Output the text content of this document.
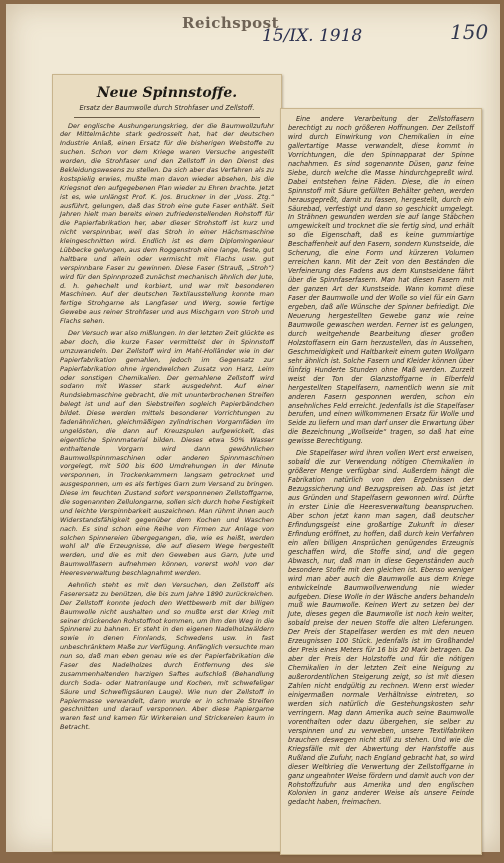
Reichspost
15/IX. 1918	150
Neue Spinnstoffe.
Ersatz der Baumwolle durch Strohfaser und Zellstoff.

Der englische Aushungerungskrieg, der die Baumwollzufuhr der Mittelmächte stark gedrosselt hat, hat der deutschen Industrie Anlaß, einen Ersatz für die bisherigen Webstoffe zu suchen. Schon vor dem Kriege waren Versuche angestellt worden, die Strohfaser und den Zellstoff in den Dienst des Bekleidungswesens zu stellen. Da sich aber das Verfahren als zu kostspielig erwies, mußte man davon wieder absehen, bis die Kriegsnot den aufgegebenen Plan wieder zu Ehren brachte. Jetzt ist es, wie unlängst Prof. K. Jos. Bruckner in der „Voss. Ztg.“ ausführt, gelungen, daß das Stroh eine gute Faser enthält. Seit Jahren hielt man bereits einen zufriedenstellenden Rohstoff für die Papierfabrikation her, aber dieser Strohstoff ist kurz und nicht verspinnbar, weil das Stroh in einer Hächsmaschine kleingeschnitten wird. Endlich ist es dem Diplomingenieur Lübbecke gelungen, aus dem Roggenstroh eine lange, feste, gut haltbare und allein oder vermischt mit Flachs usw. gut verspinnbare Faser zu gewinnen. Diese Faser (Strauß, „Stroh“) wird für den Spinnprozeß zunächst mechanisch ähnlich der Jute, d. h. gehechelt und korbiert, und war mit besonderen Maschinen. Auf der deutschen Textilausstellung konnte man fertige Strohgarne als Langfaser und Werg, sowie fertige Gewebe aus reiner Strohfaser und aus Mischgarn von Stroh und Flachs sehen.

Der Versuch war also mißlungen. In der letzten Zeit glückte es aber doch, die kurze Faser vermittelst der in Spinnstoff umzuwandeln. Der Zellstoff wird im Mahl-Holländer wie in der Papierfabrikation gemahlen, jedoch im Gegensatz zur Papierfabrikation ohne irgendwelchen Zusatz von Harz, Leim oder sonstigen Chemikalien. Der gemahlene Zellstoff wird sodann mit Wasser stark ausgedehnt. Auf einer Rundsiebmaschine gebracht, die mit ununterbrochenen Streifen belegt ist und auf den Siebstreifen sogleich Papierbändchen bildet. Diese werden mittels besonderer Vorrichtungen zu fadenähnlichen, gleichmäßigen zylindrischen Vorgarnfäden im ungelösten, die dann auf Kreuzspulen aufgewickelt, das eigentliche Spinnmaterial bilden. Dieses etwa 50% Wasser enthaltende Vorgarn wird dann gewöhnlichen Baumwollspinnmaschinen oder anderen Spinnmaschinen vorgelegt, mit 500 bis 600 Umdrehungen in der Minute versponnen, in Trockenkammern langsam getrocknet und ausgesponnen, um es als fertiges Garn zum Versand zu bringen. Diese im feuchten Zustand sofort versponnenen Zellstoffgarne, die sogenannten Zellulongarne, sollen sich durch hohe Festigkeit und leichte Verspinnbarkeit auszeichnen. Man rühmt ihnen auch Widerstandsfähigkeit gegenüber dem Kochen und Waschen nach. Es sind schon eine Reihe von Firmen zur Anlage von solchen Spinnereien übergegangen, die, wie es heißt, werden wohl all' die Erzeugnisse, die auf diesem Wege hergestellt werden, und die es mit den Geweben aus Garn, Jute und Baumwollfasern aufnehmen können, vorerst wohl von der Heeresverwaltung beschlagnahmt werden.

Aehnlich steht es mit den Versuchen, den Zellstoff als Faserersatz zu benützen, die bis zum Jahre 1890 zurückreichen. Der Zellstoff konnte jedoch den Wettbewerb mit der billigen Baumwolle nicht aushalten und so mußte erst der Krieg mit seiner drückenden Rohstoffnot kommen, um ihm den Weg in die Spinnerei zu bahnen. Er steht in den eigenen Nadelholzwäldern sowie in denen Finnlands, Schwedens usw. in fast unbeschränktem Maße zur Verfügung. Anfänglich versuchte man nun so, daß man eben genau wie es der Papierfabrikation die Faser des Nadelholzes durch Entfernung des sie zusammenhaltenden harzigen Saftes aufschloß (Behandlung durch Soda- oder Natronlauge und Kochen, mit schwefeliger Säure und Schwefligsäuren Lauge). Wie nun der Zellstoff in Papiermasse verwandelt, dann wurde er in schmale Streifen geschnitten und darauf versponnen. Aber diese Papiergarne waren fest und kamen für Wirkereien und Strickereien kaum in Betracht.

Eine andere Verarbeitung der Zellstoffasern berechtigt zu noch größeren Hoffnungen. Der Zellstoff wird durch Einwirkung von Chemikalien in eine gallertartige Masse verwandelt, diese kommt in Vorrichtungen, die den Spinnapparat der Spinne nachahmen. Es sind sogenannte Düsen, ganz feine Siebe, durch welche die Masse hindurchgepreßt wird. Dabei entstehen feine Fäden. Diese, die in einen Spinnstoff mit Säure gefüllten Behälter gehen, werden herausgepreßt, damit zu fassen, hergestellt, durch ein Säurebad, verfestigt und dann so geschickt umgelegt. In Strähnen gewunden werden sie auf lange Stäbchen umgewickelt und trocknet die sie fertig sind, und erhält so die Eigenschaft, daß es keine gummiartige Beschaffenheit auf den Fasern, sondern Kunstseide, die Scherung, die eine Form und kürzeren Volumen erreichen kann. Mit der Zeit von den Beständen die Verfeinerung des Fadens aus dem Kunstseidene fährt über die Spinnfaserfasern. Man hat diesen Fasern mit der ganzen Art der Kunstseide. Wann kommt diese Faser der Baumwolle und der Wolle so viel für ein Garn ergeben, daß alle Wünsche der Spinner befriedigt. Die Neuerung hergestellten Gewebe ganz wie reine Baumwolle gewaschen werden. Ferner ist es gelungen, durch weitgehende Bearbeitung dieser großen Holzstoffasern ein Garn herzustellen, das in Aussehen, Geschmeidigkeit und Haltbarkeit einem guten Wollgarn sehr ähnlich ist. Solche Fasern und Kleider können über fünfzig Hunderte Stunden ohne Maß werden. Zurzeit weist der Ton der Glanzstoffgarne in Elberfeld hergestellten Stapelfasern, namentlich wenn sie mit anderen Fasern gesponnen werden, schon ein ansehnliches Feld erreicht. Jedenfalls ist die Stapelfaser berufen, und einen willkommenen Ersatz für Wolle und Seide zu liefern und man darf unser die Erwartung über die Bezeichnung „Wollseide“ tragen, so daß hat eine gewisse Berechtigung.

Die Stapelfaser wird ihren vollen Wert erst erweisen, sobald die zur Verwendung nötigen Chemikalien in größerer Menge verfügbar sind. Außerdem hängt die Fabrikation natürlich von den Ergebnissen der Bezugssicherung und Bezugspreisen ab. Das ist jetzt aus Gründen und Stapelfasern gewonnen wird. Dürfte in erster Linie die Heeresverwaltung beanspruchen. Aber schon jetzt kann man sagen, daß deutscher Erfindungsgeist eine großartige Zukunft in dieser Erfindung eröffnet, zu hoffen, daß durch kein Verfahren ein allen billigen Ansprüchen genügendes Erzeugnis geschaffen wird, die Stoffe sind, und die gegen Abwasch, nur, daß man in diese Gegenständen auch besondere Stoffe mit den gleichen ist. Ebenso weniger wird man aber auch die Baumwolle aus dem Kriege entwickelnde Baumwollverwendung nie wieder aufgeben. Diese Wolle in der Wäsche anders behandeln muß wie Baumwolle. Keinen Wert zu setzen bei der Jute, dieses gegen die Baumwolle ist noch kein weiter, sobald preise der neuen Stoffe die alten Lieferungen. Der Preis der Stapelfaser werden es mit den neuen Erzeugnissen 100 Stück. Jedenfalls ist im Großhandel der Preis eines Meters für 16 bis 20 Mark betragen. Da aber der Preis der Holzstoffe und für die nötigen Chemikalien in der letzten Zeit eine Neigung zu außerordentlichen Steigerung zeigt, so ist mit diesen Zahlen nicht endgültig zu rechnen. Wenn erst wieder einigermaßen normale Verhältnisse eintreten, so werden sich natürlich die Gestehungskosten sehr verringern. Mag dann Amerika auch seine Baumwolle vorenthalten oder dazu übergehen, sie selber zu verspinnen und zu verweben, unsere Textilfabriken brauchen deswegen nicht still zu stehen. Und wie die Kriegsfälle mit der Abwertung der Hanfstoffe aus Rußland die Zufuhr, nach England gebracht hat, so wird dieser Weltkrieg die Verwertung der Zellstoffgarne in ganz ungeahnter Weise fördern und damit auch von der Rohstoffzufuhr aus Amerika und den englischen Kolonien in ganz anderer Weise als unsere Feinde gedacht haben, freimachen.
